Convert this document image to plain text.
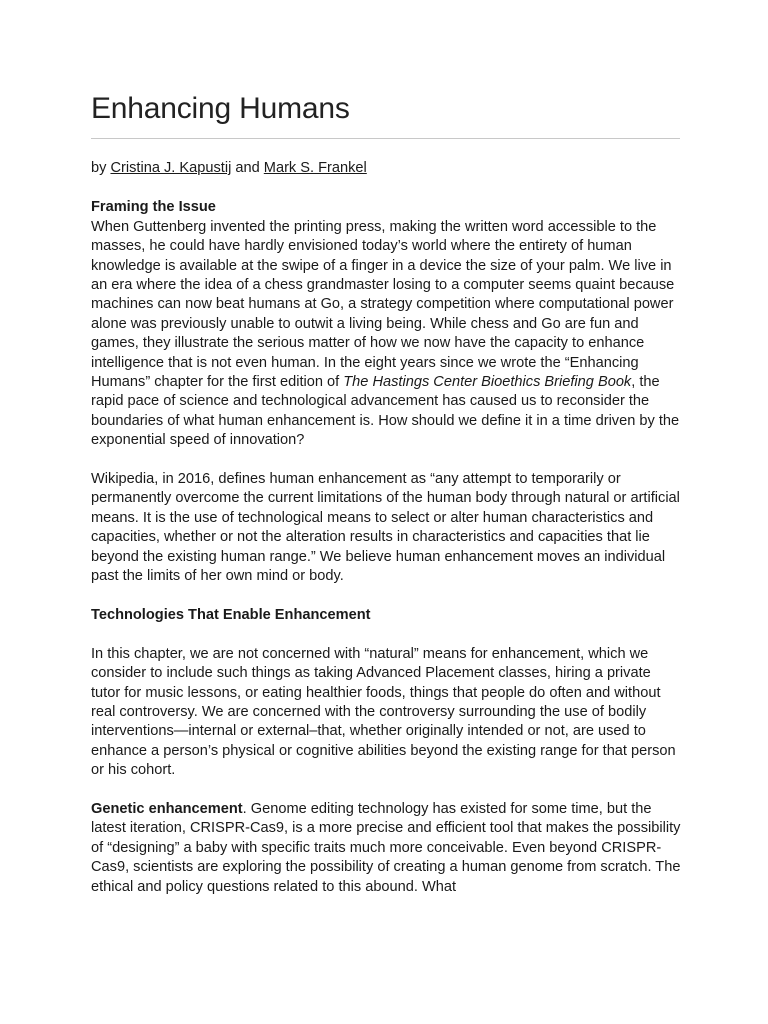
Enhancing Humans

by Cristina J. Kapustij and Mark S. Frankel

Framing the Issue

When Guttenberg invented the printing press, making the written word accessible to the masses, he could have hardly envisioned today’s world where the entirety of human knowledge is available at the swipe of a finger in a device the size of your palm. We live in an era where the idea of a chess grandmaster losing to a computer seems quaint because machines can now beat humans at Go, a strategy competition where computational power alone was previously unable to outwit a living being. While chess and Go are fun and games, they illustrate the serious matter of how we now have the capacity to enhance intelligence that is not even human. In the eight years since we wrote the “Enhancing Humans” chapter for the first edition of The Hastings Center Bioethics Briefing Book, the rapid pace of science and technological advancement has caused us to reconsider the boundaries of what human enhancement is. How should we define it in a time driven by the exponential speed of innovation?

Wikipedia, in 2016, defines human enhancement as “any attempt to temporarily or permanently overcome the current limitations of the human body through natural or artificial means. It is the use of technological means to select or alter human characteristics and capacities, whether or not the alteration results in characteristics and capacities that lie beyond the existing human range.” We believe human enhancement moves an individual past the limits of her own mind or body.

Technologies That Enable Enhancement

In this chapter, we are not concerned with “natural” means for enhancement, which we consider to include such things as taking Advanced Placement classes, hiring a private tutor for music lessons, or eating healthier foods, things that people do often and without real controversy. We are concerned with the controversy surrounding the use of bodily interventions—internal or external–that, whether originally intended or not, are used to enhance a person’s physical or cognitive abilities beyond the existing range for that person or his cohort.

Genetic enhancement. Genome editing technology has existed for some time, but the latest iteration, CRISPR-Cas9, is a more precise and efficient tool that makes the possibility of “designing” a baby with specific traits much more conceivable. Even beyond CRISPR-Cas9, scientists are exploring the possibility of creating a human genome from scratch. The ethical and policy questions related to this abound. What
